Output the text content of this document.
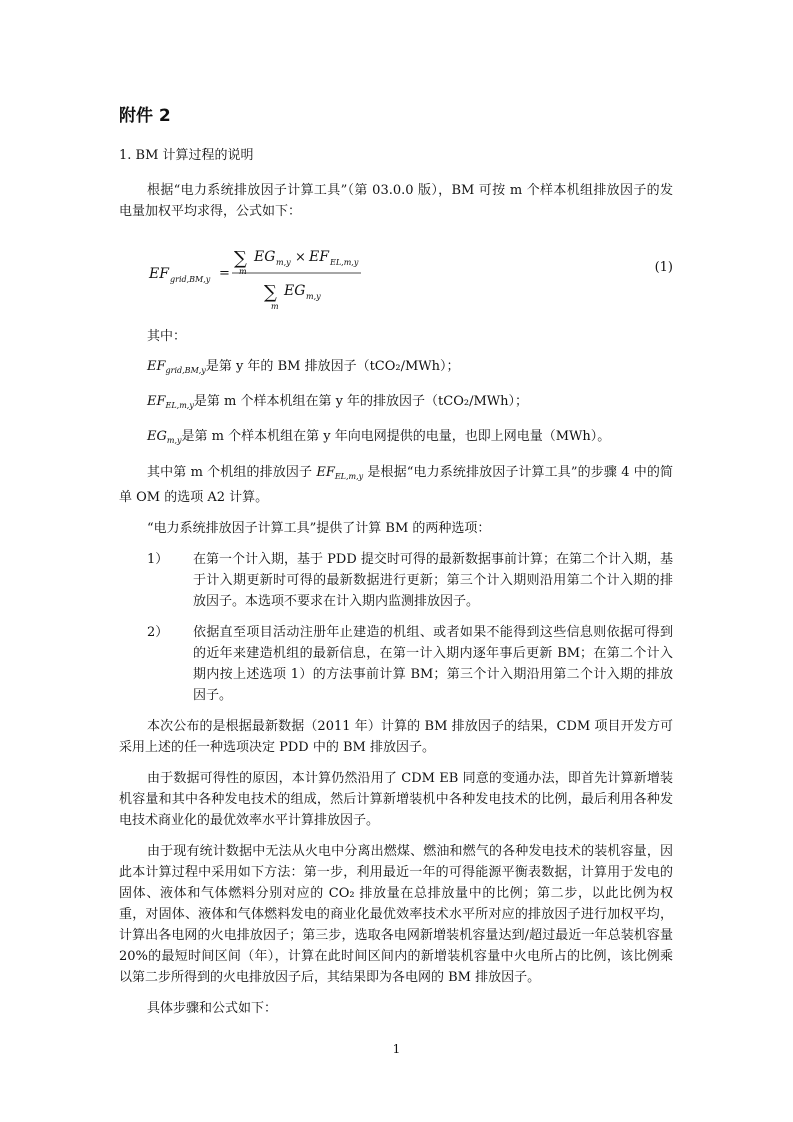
附件 2
1. BM 计算过程的说明

根据“电力系统排放因子计算工具”（第 03.0.0 版），BM 可按 m 个样本机组排放因子的发电量加权平均求得，公式如下：

EF grid,BM,y =
∑
m
EG m,y × EF EL,m,y
∑
m
EG m,y
(1)

其中：

$EF_{grid,BM,y}$是第 y 年的 BM 排放因子（tCO₂/MWh）；
$EF_{EL,m,y}$是第 m 个样本机组在第 y 年的排放因子（tCO₂/MWh）；
$EG_{m,y}$是第 m 个样本机组在第 y 年向电网提供的电量，也即上网电量（MWh）。

其中第 m 个机组的排放因子 $EF_{EL,m,y}$ 是根据“电力系统排放因子计算工具”的步骤 4 中的简单 OM 的选项 A2 计算。

“电力系统排放因子计算工具”提供了计算 BM 的两种选项：

1）	在第一个计入期，基于 PDD 提交时可得的最新数据事前计算；在第二个计入期，基于计入期更新时可得的最新数据进行更新；第三个计入期则沿用第二个计入期的排放因子。本选项不要求在计入期内监测排放因子。
2）	依据直至项目活动注册年止建造的机组、或者如果不能得到这些信息则依据可得到的近年来建造机组的最新信息，在第一计入期内逐年事后更新 BM；在第二个计入期内按上述选项 1）的方法事前计算 BM；第三个计入期沿用第二个计入期的排放因子。

本次公布的是根据最新数据（2011 年）计算的 BM 排放因子的结果，CDM 项目开发方可采用上述的任一种选项决定 PDD 中的 BM 排放因子。

由于数据可得性的原因，本计算仍然沿用了 CDM EB 同意的变通办法，即首先计算新增装机容量和其中各种发电技术的组成，然后计算新增装机中各种发电技术的比例，最后利用各种发电技术商业化的最优效率水平计算排放因子。

由于现有统计数据中无法从火电中分离出燃煤、燃油和燃气的各种发电技术的装机容量，因此本计算过程中采用如下方法：第一步，利用最近一年的可得能源平衡表数据，计算用于发电的固体、液体和气体燃料分别对应的 CO₂ 排放量在总排放量中的比例；第二步，以此比例为权重，对固体、液体和气体燃料发电的商业化最优效率技术水平所对应的排放因子进行加权平均，计算出各电网的火电排放因子；第三步，选取各电网新增装机容量达到/超过最近一年总装机容量 20%的最短时间区间（年），计算在此时间区间内的新增装机容量中火电所占的比例，该比例乘以第二步所得到的火电排放因子后，其结果即为各电网的 BM 排放因子。

具体步骤和公式如下：

1
